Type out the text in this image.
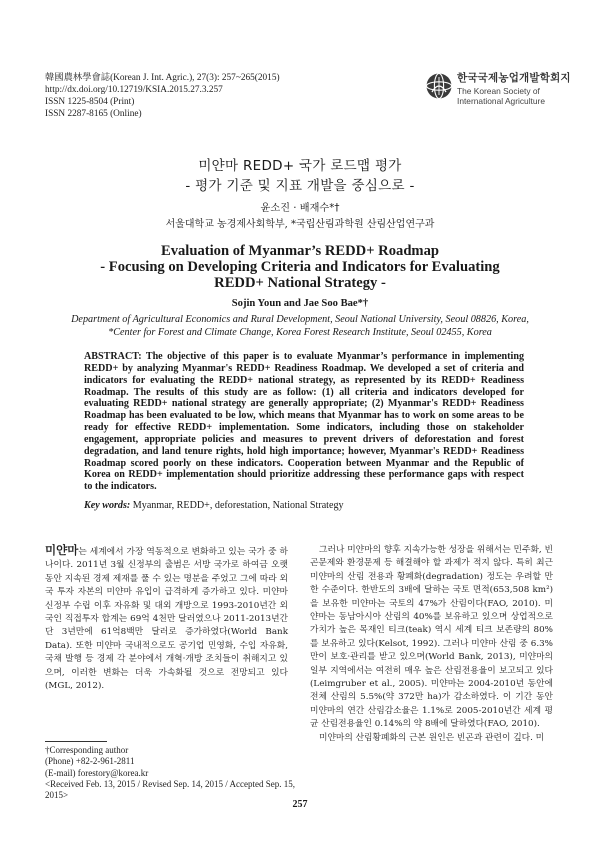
韓國農林學會誌(Korean J. Int. Agric.), 27(3): 257~265(2015)
http://dx.doi.org/10.12719/KSIA.2015.27.3.257
ISSN 1225-8504 (Print)
ISSN 2287-8165 (Online)
한국국제농업개발학회지
The Korean Society of International Agriculture
미얀마 REDD+ 국가 로드맵 평가
- 평가 기준 및 지표 개발을 중심으로 -
윤소진 · 배재수*†
서울대학교 농경제사회학부, *국립산림과학원 산림산업연구과
Evaluation of Myanmar’s REDD+ Roadmap
- Focusing on Developing Criteria and Indicators for Evaluating
REDD+ National Strategy -
Sojin Youn and Jae Soo Bae*†
Department of Agricultural Economics and Rural Development, Seoul National University, Seoul 08826, Korea,
*Center for Forest and Climate Change, Korea Forest Research Institute, Seoul 02455, Korea
ABSTRACT: The objective of this paper is to evaluate Myanmar’s performance in implementing REDD+ by analyzing Myanmar's REDD+ Readiness Roadmap. We developed a set of criteria and indicators for evaluating the REDD+ national strategy, as represented by its REDD+ Readiness Roadmap. The results of this study are as follow: (1) all criteria and indicators developed for evaluating REDD+ national strategy are generally appropriate; (2) Myanmar's REDD+ Readiness Roadmap has been evaluated to be low, which means that Myanmar has to work on some areas to be ready for effective REDD+ implementation. Some indicators, including those on stakeholder engagement, appropriate policies and measures to prevent drivers of deforestation and forest degradation, and land tenure rights, hold high importance; however, Myanmar's REDD+ Readiness Roadmap scored poorly on these indicators. Cooperation between Myanmar and the Republic of Korea on REDD+ implementation should prioritize addressing these performance gaps with respect to the indicators.
Key words: Myanmar, REDD+, deforestation, National Strategy

미얀마는 세계에서 가장 역동적으로 변화하고 있는 국가 중 하나이다. 2011년 3월 신정부의 출범은 서방 국가로 하여금 오랫동안 지속된 경제 제재를 풀 수 있는 명분을 주었고 그에 따라 외국 투자 자본의 미얀마 유입이 급격하게 증가하고 있다. 미얀마 신정부 수립 이후 자유화 및 대외 개방으로 1993-2010년간 외국인 직접투자 합계는 69억 4천만 달러였으나 2011-2013년간 단 3년만에 61억8백만 달러로 증가하였다(World Bank Data). 또한 미얀마 국내적으로도 공기업 민영화, 수입 자유화, 국채 발행 등 경제 각 분야에서 개혁·개방 조치들이 취해지고 있으며, 이러한 변화는 더욱 가속화될 것으로 전망되고 있다(MGL, 2012).

그러나 미얀마의 향후 지속가능한 성장을 위해서는 민주화, 빈곤문제와 환경문제 등 해결해야 할 과제가 적지 않다. 특히 최근 미얀마의 산림 전용과 황폐화(degradation) 정도는 우려할 만한 수준이다. 한반도의 3배에 달하는 국토 면적(653,508 km²)을 보유한 미얀마는 국토의 47%가 산림이다(FAO, 2010). 미얀마는 동남아시아 산림의 40%를 보유하고 있으며 상업적으로 가치가 높은 목재인 티크(teak) 역시 세계 티크 보존량의 80%를 보유하고 있다(Kelsot, 1992). 그러나 미얀마 산림 중 6.3%만이 보호·관리를 받고 있으며(World Bank, 2013), 미얀마의 일부 지역에서는 여전히 매우 높은 산림전용율이 보고되고 있다(Leimgruber et al., 2005). 미얀마는 2004-2010년 동안에 전체 산림의 5.5%(약 372만 ha)가 감소하였다. 이 기간 동안 미얀마의 연간 산림감소율은 1.1%로 2005-2010년간 세계 평균 산림전용율인 0.14%의 약 8배에 달하였다(FAO, 2010).

미얀마의 산림황폐화의 근본 원인은 빈곤과 관련이 깊다. 미

†Corresponding author
(Phone) +82-2-961-2811
(E-mail) forestory@korea.kr
<Received Feb. 13, 2015 / Revised Sep. 14, 2015 / Accepted Sep. 15, 2015>
257
